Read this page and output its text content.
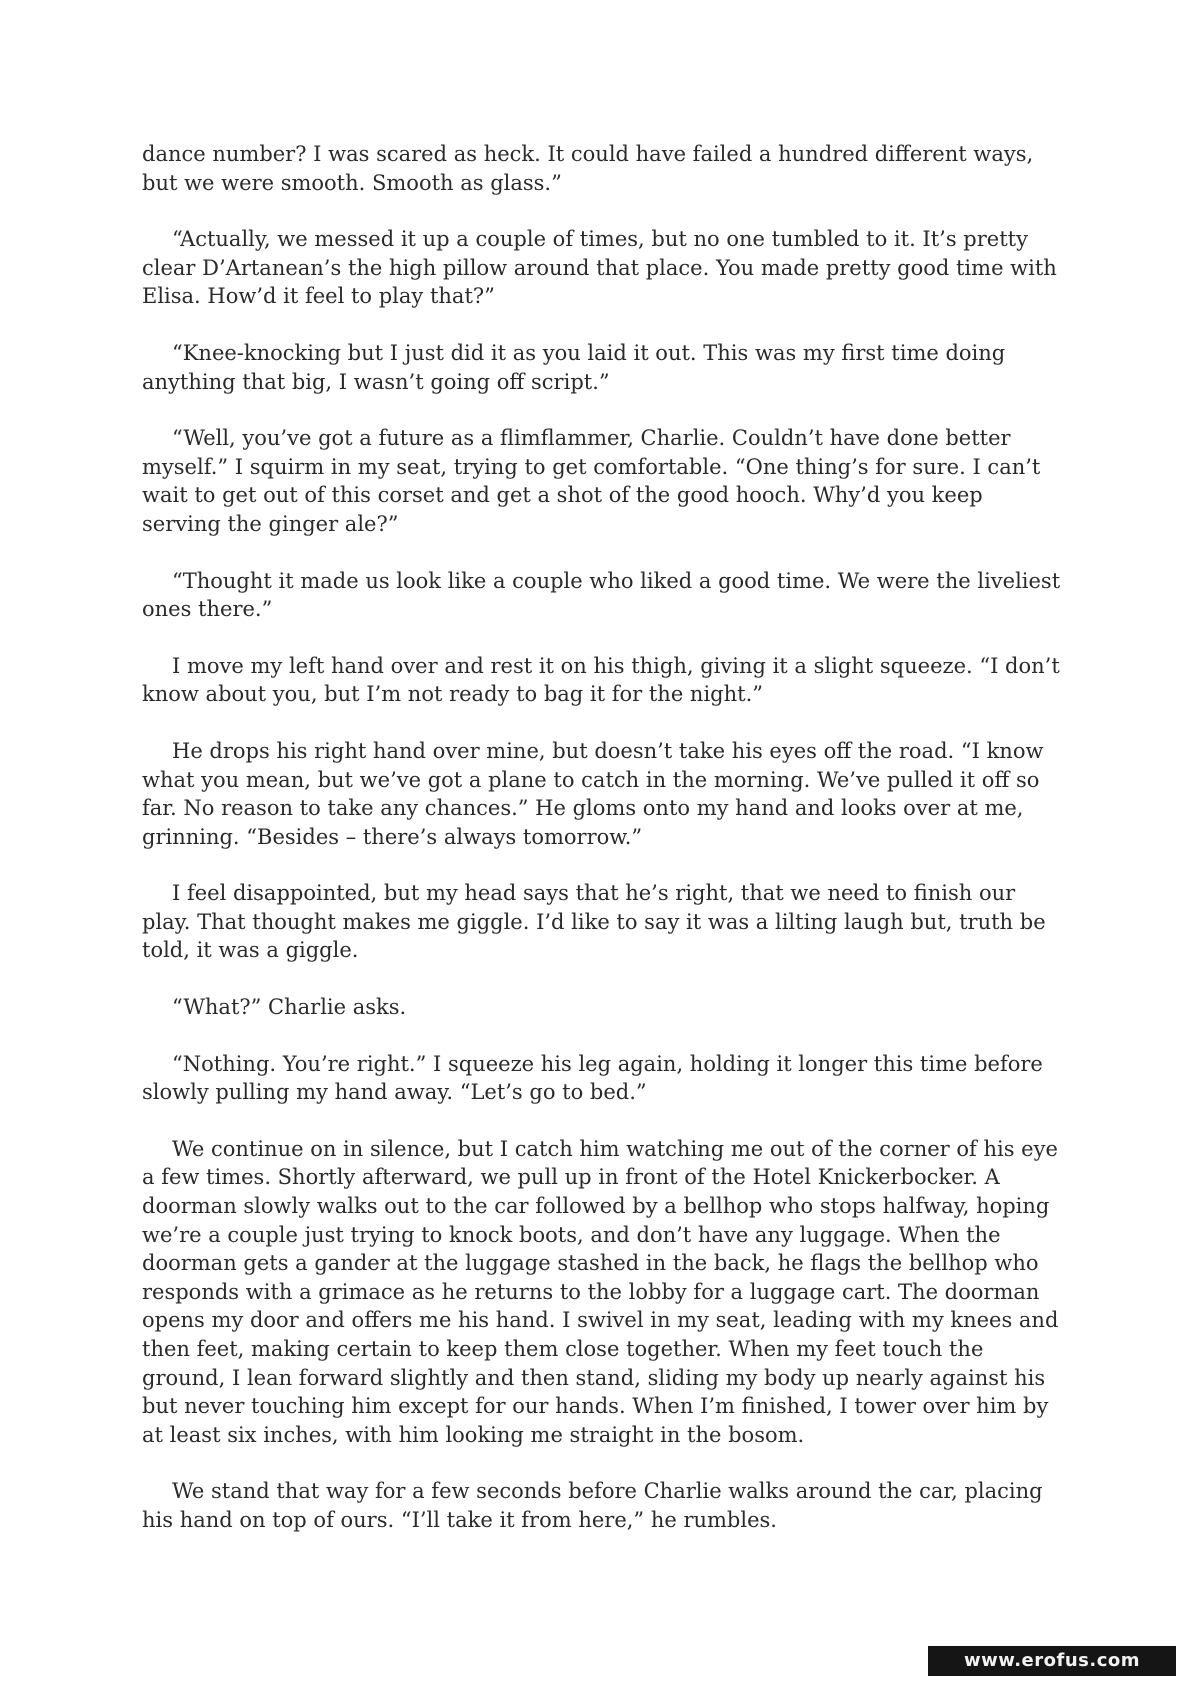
dance number? I was scared as heck. It could have failed a hundred different ways, but we were smooth. Smooth as glass.”

“Actually, we messed it up a couple of times, but no one tumbled to it. It’s pretty clear D’Artanean’s the high pillow around that place. You made pretty good time with Elisa. How’d it feel to play that?”

“Knee-knocking but I just did it as you laid it out. This was my first time doing anything that big, I wasn’t going off script.”

“Well, you’ve got a future as a flimflammer, Charlie. Couldn’t have done better myself.” I squirm in my seat, trying to get comfortable. “One thing’s for sure. I can’t wait to get out of this corset and get a shot of the good hooch. Why’d you keep serving the ginger ale?”

“Thought it made us look like a couple who liked a good time. We were the liveliest ones there.”

I move my left hand over and rest it on his thigh, giving it a slight squeeze. “I don’t know about you, but I’m not ready to bag it for the night.”

He drops his right hand over mine, but doesn’t take his eyes off the road. “I know what you mean, but we’ve got a plane to catch in the morning. We’ve pulled it off so far. No reason to take any chances.” He gloms onto my hand and looks over at me, grinning. “Besides – there’s always tomorrow.”

I feel disappointed, but my head says that he’s right, that we need to finish our play. That thought makes me giggle. I’d like to say it was a lilting laugh but, truth be told, it was a giggle.

“What?” Charlie asks.

“Nothing. You’re right.” I squeeze his leg again, holding it longer this time before slowly pulling my hand away. “Let’s go to bed.”

We continue on in silence, but I catch him watching me out of the corner of his eye a few times. Shortly afterward, we pull up in front of the Hotel Knickerbocker. A doorman slowly walks out to the car followed by a bellhop who stops halfway, hoping we’re a couple just trying to knock boots, and don’t have any luggage. When the doorman gets a gander at the luggage stashed in the back, he flags the bellhop who responds with a grimace as he returns to the lobby for a luggage cart. The doorman opens my door and offers me his hand. I swivel in my seat, leading with my knees and then feet, making certain to keep them close together. When my feet touch the ground, I lean forward slightly and then stand, sliding my body up nearly against his but never touching him except for our hands. When I’m finished, I tower over him by at least six inches, with him looking me straight in the bosom.

We stand that way for a few seconds before Charlie walks around the car, placing his hand on top of ours. “I’ll take it from here,” he rumbles.

www.erofus.com
